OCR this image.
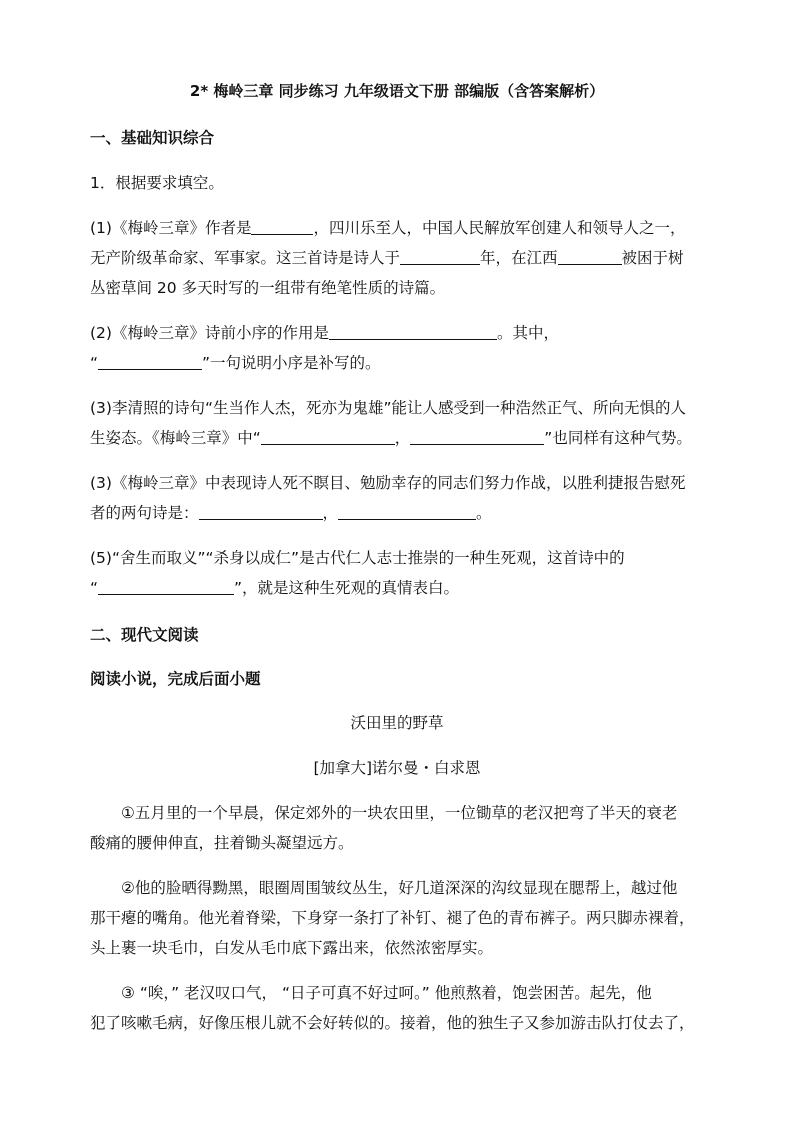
2* 梅岭三章 同步练习 九年级语文下册 部编版（含答案解析）
一、基础知识综合
1．根据要求填空。
(1)《梅岭三章》作者是	，四川乐至人，中国人民解放军创建人和领导人之一，
无产阶级革命家、军事家。这三首诗是诗人于	年，在江西	被困于树
丛密草间 20 多天时写的一组带有绝笔性质的诗篇。
(2)《梅岭三章》诗前小序的作用是	。其中，
“	”一句说明小序是补写的。
(3)李清照的诗句“生当作人杰，死亦为鬼雄”能让人感受到一种浩然正气、所向无惧的人
生姿态。《梅岭三章》中“	，	”也同样有这种气势。
(3)《梅岭三章》中表现诗人死不瞑目、勉励幸存的同志们努力作战，以胜利捷报告慰死
者的两句诗是：	，	。
(5)“舍生而取义”“杀身以成仁”是古代仁人志士推崇的一种生死观，这首诗中的
“	”，就是这种生死观的真情表白。
二、现代文阅读
阅读小说，完成后面小题
沃田里的野草
[加拿大]诺尔曼・白求恩
①五月里的一个早晨，保定郊外的一块农田里，一位锄草的老汉把弯了半天的衰老
酸痛的腰伸伸直，拄着锄头凝望远方。
②他的脸晒得黝黑，眼圈周围皱纹丛生，好几道深深的沟纹显现在腮帮上，越过他
那干瘪的嘴角。他光着脊梁，下身穿一条打了补钉、褪了色的青布裤子。两只脚赤裸着，
头上裹一块毛巾，白发从毛巾底下露出来，依然浓密厚实。
③ “唉，” 老汉叹口气， “日子可真不好过呵。” 他煎熬着，饱尝困苦。起先，他
犯了咳嗽毛病，好像压根儿就不会好转似的。接着，他的独生子又参加游击队打仗去了，
